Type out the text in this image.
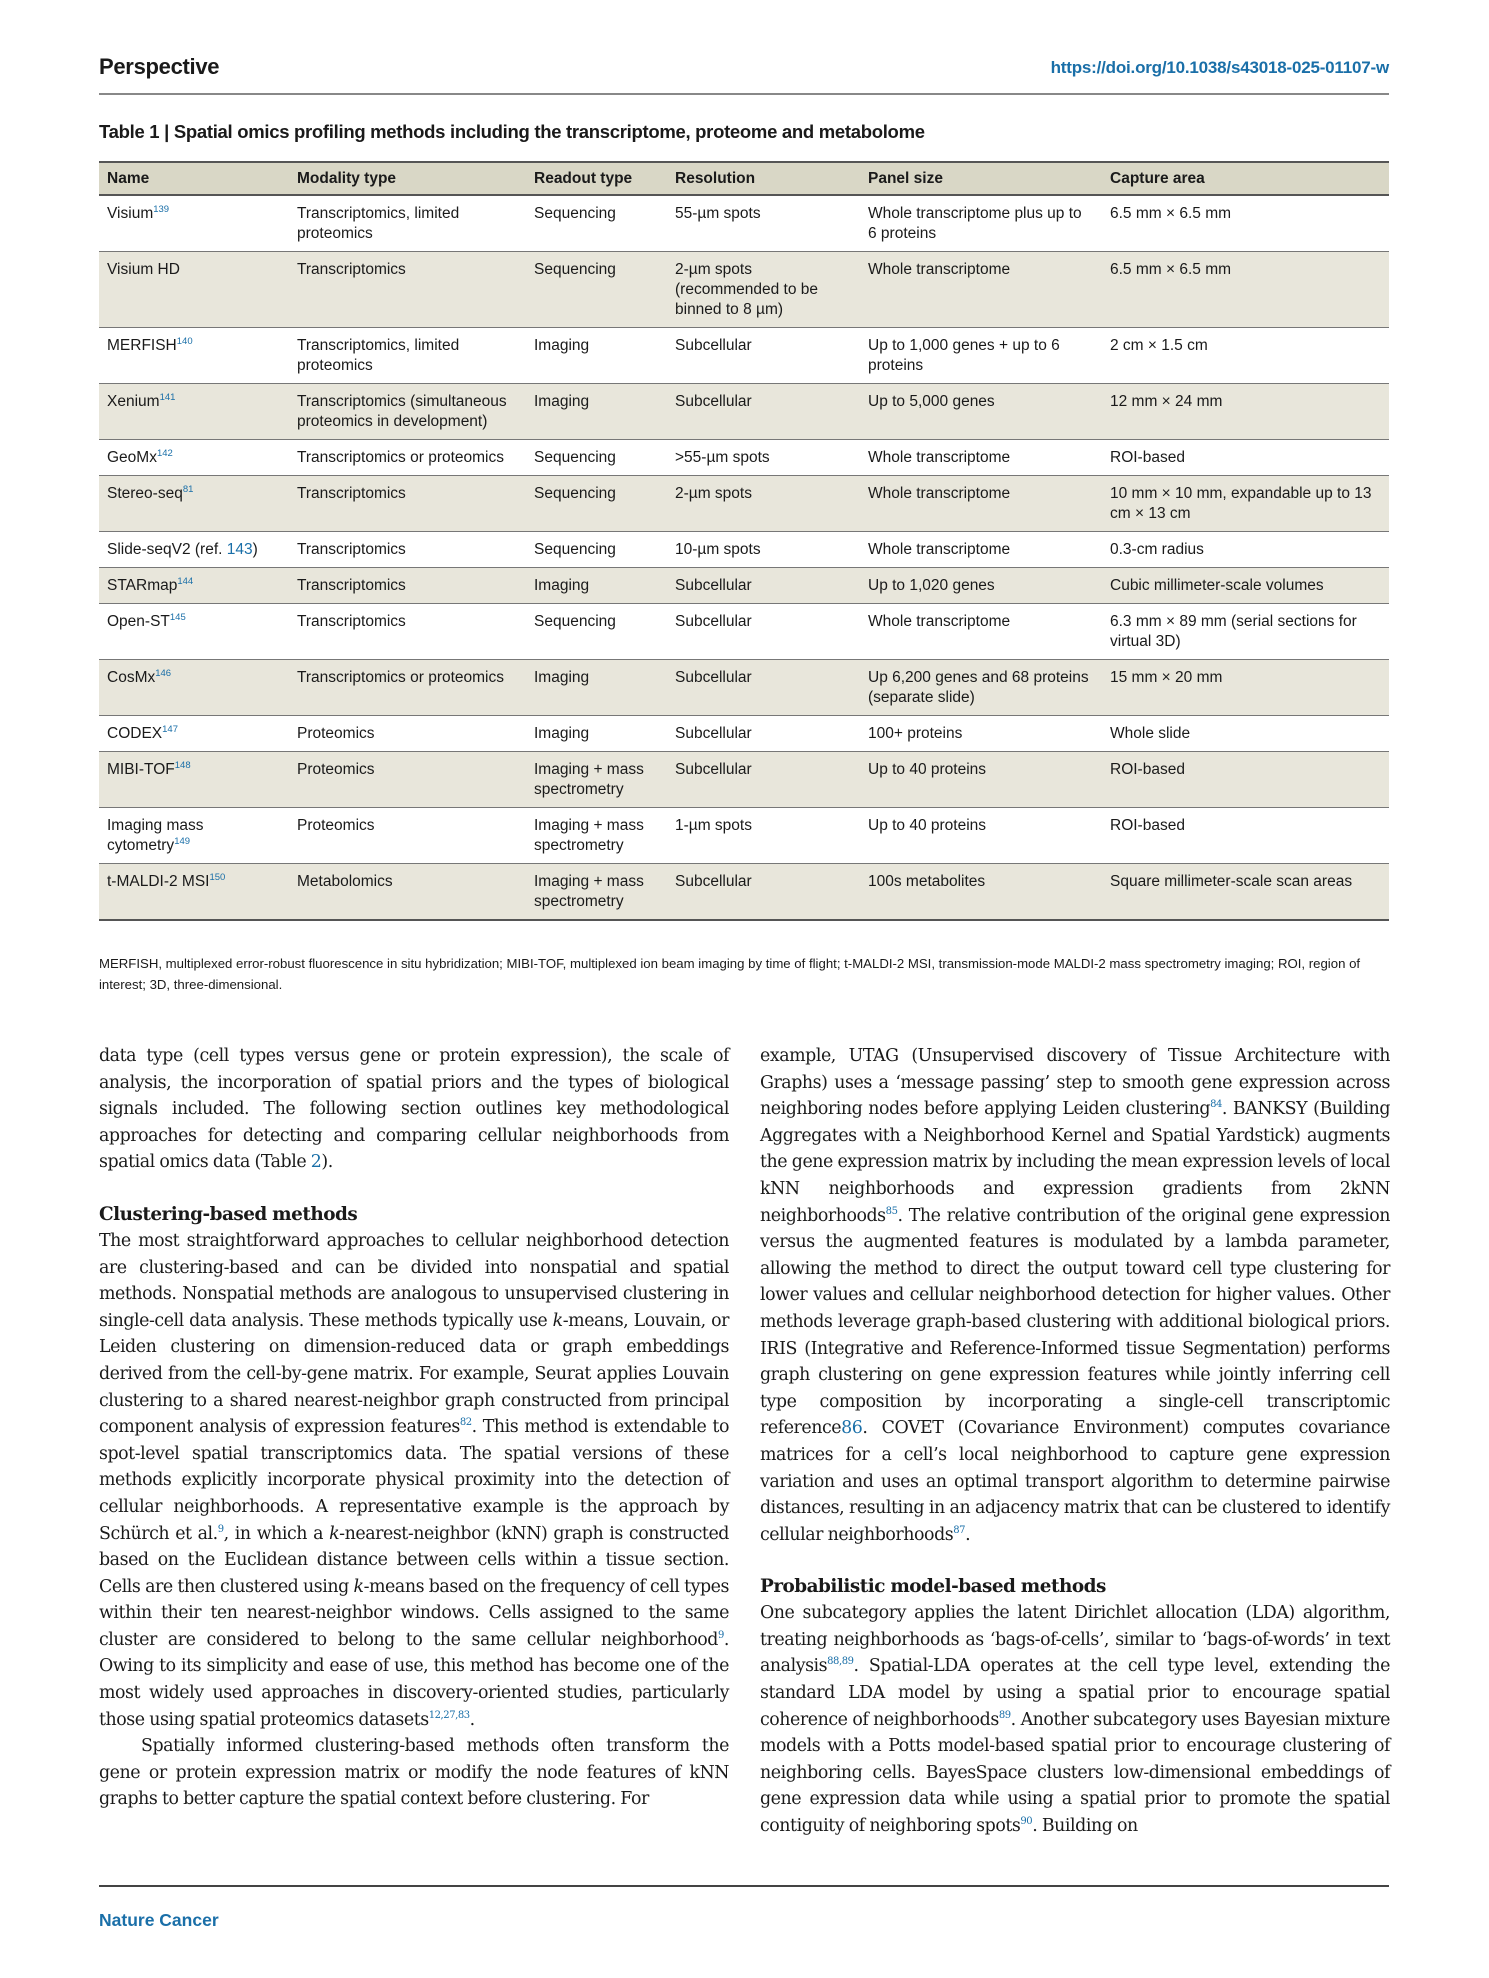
Perspective	https://doi.org/10.1038/s43018-025-01107-w
Table 1 | Spatial omics profiling methods including the transcriptome, proteome and metabolome
Name	Modality type	Readout type	Resolution	Panel size	Capture area
Visium$^{139}$	Transcriptomics, limited proteomics	Sequencing	55-µm spots	Whole transcriptome plus up to 6 proteins	6.5 mm × 6.5 mm
Visium HD	Transcriptomics	Sequencing	2-µm spots (recommended to be binned to 8 µm)	Whole transcriptome	6.5 mm × 6.5 mm
MERFISH$^{140}$	Transcriptomics, limited proteomics	Imaging	Subcellular	Up to 1,000 genes + up to 6 proteins	2 cm × 1.5 cm
Xenium$^{141}$	Transcriptomics (simultaneous proteomics in development)	Imaging	Subcellular	Up to 5,000 genes	12 mm × 24 mm
GeoMx$^{142}$	Transcriptomics or proteomics	Sequencing	>55-µm spots	Whole transcriptome	ROI-based
Stereo-seq$^{81}$	Transcriptomics	Sequencing	2-µm spots	Whole transcriptome	10 mm × 10 mm, expandable up to 13 cm × 13 cm
Slide-seqV2 (ref. 143)	Transcriptomics	Sequencing	10-µm spots	Whole transcriptome	0.3-cm radius
STARmap$^{144}$	Transcriptomics	Imaging	Subcellular	Up to 1,020 genes	Cubic millimeter-scale volumes
Open-ST$^{145}$	Transcriptomics	Sequencing	Subcellular	Whole transcriptome	6.3 mm × 89 mm (serial sections for virtual 3D)
CosMx$^{146}$	Transcriptomics or proteomics	Imaging	Subcellular	Up 6,200 genes and 68 proteins (separate slide)	15 mm × 20 mm
CODEX$^{147}$	Proteomics	Imaging	Subcellular	100+ proteins	Whole slide
MIBI-TOF$^{148}$	Proteomics	Imaging + mass spectrometry	Subcellular	Up to 40 proteins	ROI-based
Imaging mass cytometry$^{149}$	Proteomics	Imaging + mass spectrometry	1-µm spots	Up to 40 proteins	ROI-based
t-MALDI-2 MSI$^{150}$	Metabolomics	Imaging + mass spectrometry	Subcellular	100s metabolites	Square millimeter-scale scan areas
MERFISH, multiplexed error-robust fluorescence in situ hybridization; MIBI-TOF, multiplexed ion beam imaging by time of flight; t-MALDI-2 MSI, transmission-mode MALDI-2 mass spectrometry imaging; ROI, region of interest; 3D, three-dimensional.

data type (cell types versus gene or protein expression), the scale of analysis, the incorporation of spatial priors and the types of biological signals included. The following section outlines key methodological approaches for detecting and comparing cellular neighborhoods from spatial omics data (Table 2).

Clustering-based methods

The most straightforward approaches to cellular neighborhood detection are clustering-based and can be divided into nonspatial and spatial methods. Nonspatial methods are analogous to unsupervised clustering in single-cell data analysis. These methods typically use k-means, Louvain, or Leiden clustering on dimension-reduced data or graph embeddings derived from the cell-by-gene matrix. For example, Seurat applies Louvain clustering to a shared nearest-neighbor graph constructed from principal component analysis of expression features$^{82}$. This method is extendable to spot-level spatial transcriptomics data. The spatial versions of these methods explicitly incorporate physical proximity into the detection of cellular neighborhoods. A representative example is the approach by Schürch et al.$^9$, in which a k-nearest-neighbor (kNN) graph is constructed based on the Euclidean distance between cells within a tissue section. Cells are then clustered using k-means based on the frequency of cell types within their ten nearest-neighbor windows. Cells assigned to the same cluster are considered to belong to the same cellular neighborhood$^9$. Owing to its simplicity and ease of use, this method has become one of the most widely used approaches in discovery-oriented studies, particularly those using spatial proteomics datasets$^{12,27,83}$.

Spatially informed clustering-based methods often transform the gene or protein expression matrix or modify the node features of kNN graphs to better capture the spatial context before clustering. For

example, UTAG (Unsupervised discovery of Tissue Architecture with Graphs) uses a ‘message passing’ step to smooth gene expression across neighboring nodes before applying Leiden clustering$^{84}$. BANKSY (Building Aggregates with a Neighborhood Kernel and Spatial Yardstick) augments the gene expression matrix by including the mean expression levels of local kNN neighborhoods and expression gradients from 2kNN neighborhoods$^{85}$. The relative contribution of the original gene expression versus the augmented features is modulated by a lambda parameter, allowing the method to direct the output toward cell type clustering for lower values and cellular neighborhood detection for higher values. Other methods leverage graph-based clustering with additional biological priors. IRIS (Integrative and Reference-Informed tissue Segmentation) performs graph clustering on gene expression features while jointly inferring cell type composition by incorporating a single-cell transcriptomic reference86. COVET (Covariance Environment) computes covariance matrices for a cell’s local neighborhood to capture gene expression variation and uses an optimal transport algorithm to determine pairwise distances, resulting in an adjacency matrix that can be clustered to identify cellular neighborhoods$^{87}$.

Probabilistic model-based methods

One subcategory applies the latent Dirichlet allocation (LDA) algorithm, treating neighborhoods as ‘bags-of-cells’, similar to ‘bags-of-words’ in text analysis$^{88,89}$. Spatial-LDA operates at the cell type level, extending the standard LDA model by using a spatial prior to encourage spatial coherence of neighborhoods$^{89}$. Another subcategory uses Bayesian mixture models with a Potts model-based spatial prior to encourage clustering of neighboring cells. BayesSpace clusters low-dimensional embeddings of gene expression data while using a spatial prior to promote the spatial contiguity of neighboring spots$^{90}$. Building on

Nature Cancer
